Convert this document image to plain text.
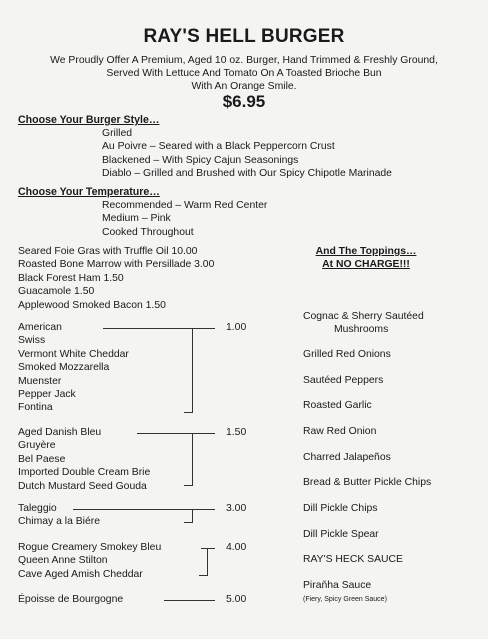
RAY'S HELL BURGER
We Proudly Offer A Premium, Aged 10 oz. Burger, Hand Trimmed & Freshly Ground,
Served With Lettuce And Tomato On A Toasted Brioche Bun
With An Orange Smile.
$6.95
Choose Your Burger Style…
Grilled
Au Poivre – Seared with a Black Peppercorn Crust
Blackened – With Spicy Cajun Seasonings
Diablo – Grilled and Brushed with Our Spicy Chipotle Marinade
Choose Your Temperature…
Recommended – Warm Red Center
Medium – Pink
Cooked Throughout
Seared Foie Gras with Truffle Oil 10.00
Roasted Bone Marrow with Persillade 3.00
Black Forest Ham 1.50
Guacamole 1.50
Applewood Smoked Bacon 1.50
And The Toppings…
At NO CHARGE!!!
American
Swiss
Vermont White Cheddar
Smoked Mozzarella
Muenster
Pepper Jack
Fontina
1.00
Aged Danish Bleu
Gruyère
Bel Paese
Imported Double Cream Brie
Dutch Mustard Seed Gouda
1.50
Taleggio
Chimay a la Biére
3.00
Rogue Creamery Smokey Bleu
Queen Anne Stilton
Cave Aged Amish Cheddar
4.00
Époisse de Bourgogne	5.00
Cognac & Sherry Sautéed
Mushrooms
Grilled Red Onions
Sautéed Peppers
Roasted Garlic
Raw Red Onion
Charred Jalapeños
Bread & Butter Pickle Chips
Dill Pickle Chips
Dill Pickle Spear
RAY'S HECK SAUCE
Piraňha Sauce
(Fiery, Spicy Green Sauce)
